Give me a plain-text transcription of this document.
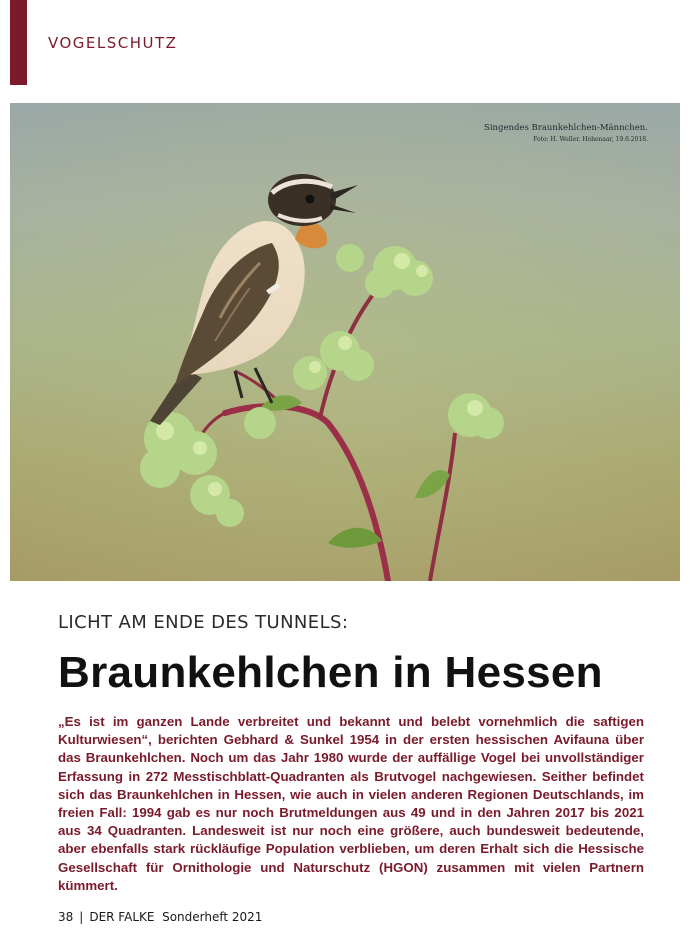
VOGELSCHUTZ
Singendes Braunkehlchen-Männchen.
Foto: H. Weller. Hohenaar, 19.6.2018.
LICHT AM ENDE DES TUNNELS:
Braunkehlchen in Hessen
„Es ist im ganzen Lande verbreitet und bekannt und belebt vornehmlich die saftigen Kulturwiesen“, berichten Gebhard & Sunkel 1954 in der ersten hessischen Avifauna über das Braunkehlchen. Noch um das Jahr 1980 wurde der auffällige Vogel bei unvollständiger Erfassung in 272 Messtischblatt-Quadranten als Brutvogel nachgewiesen. Seither befindet sich das Braunkehlchen in Hessen, wie auch in vielen anderen Regionen Deutschlands, im freien Fall: 1994 gab es nur noch Brutmeldungen aus 49 und in den Jahren 2017 bis 2021 aus 34 Quadranten. Landesweit ist nur noch eine größere, auch bundesweit bedeutende, aber ebenfalls stark rückläufige Population verblieben, um deren Erhalt sich die Hessische Gesellschaft für Ornithologie und Naturschutz (HGON) zusammen mit vielen Partnern kümmert.
38 | DER FALKE Sonderheft 2021
